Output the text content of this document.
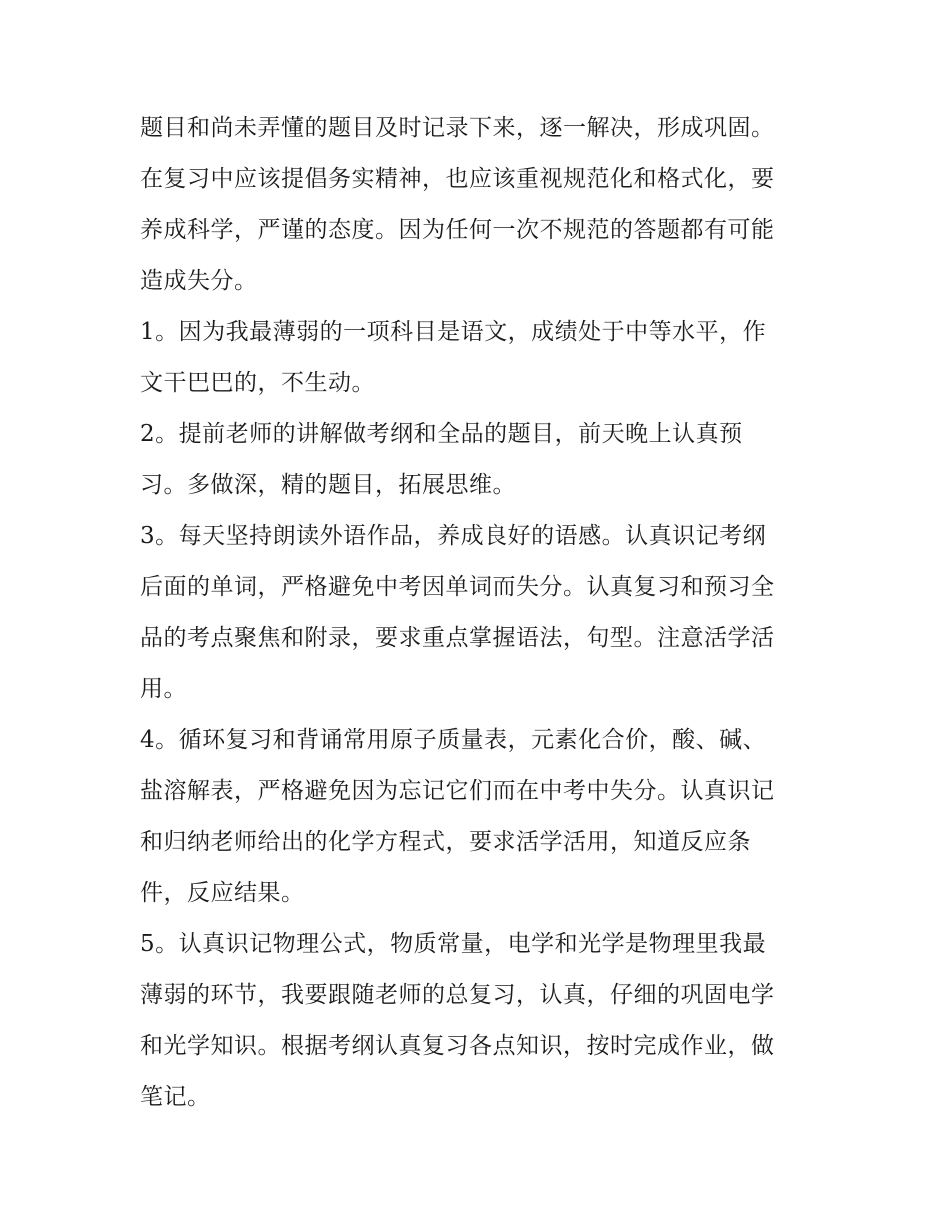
题目和尚未弄懂的题目及时记录下来，逐一解决，形成巩固。
在复习中应该提倡务实精神，也应该重视规范化和格式化，要
养成科学，严谨的态度。因为任何一次不规范的答题都有可能
造成失分。
1。因为我最薄弱的一项科目是语文，成绩处于中等水平，作
文干巴巴的，不生动。
2。提前老师的讲解做考纲和全品的题目，前天晚上认真预
习。多做深，精的题目，拓展思维。
3。每天坚持朗读外语作品，养成良好的语感。认真识记考纲
后面的单词，严格避免中考因单词而失分。认真复习和预习全
品的考点聚焦和附录，要求重点掌握语法，句型。注意活学活
用。
4。循环复习和背诵常用原子质量表，元素化合价，酸、碱、
盐溶解表，严格避免因为忘记它们而在中考中失分。认真识记
和归纳老师给出的化学方程式，要求活学活用，知道反应条
件，反应结果。
5。认真识记物理公式，物质常量，电学和光学是物理里我最
薄弱的环节，我要跟随老师的总复习，认真，仔细的巩固电学
和光学知识。根据考纲认真复习各点知识，按时完成作业，做
笔记。
